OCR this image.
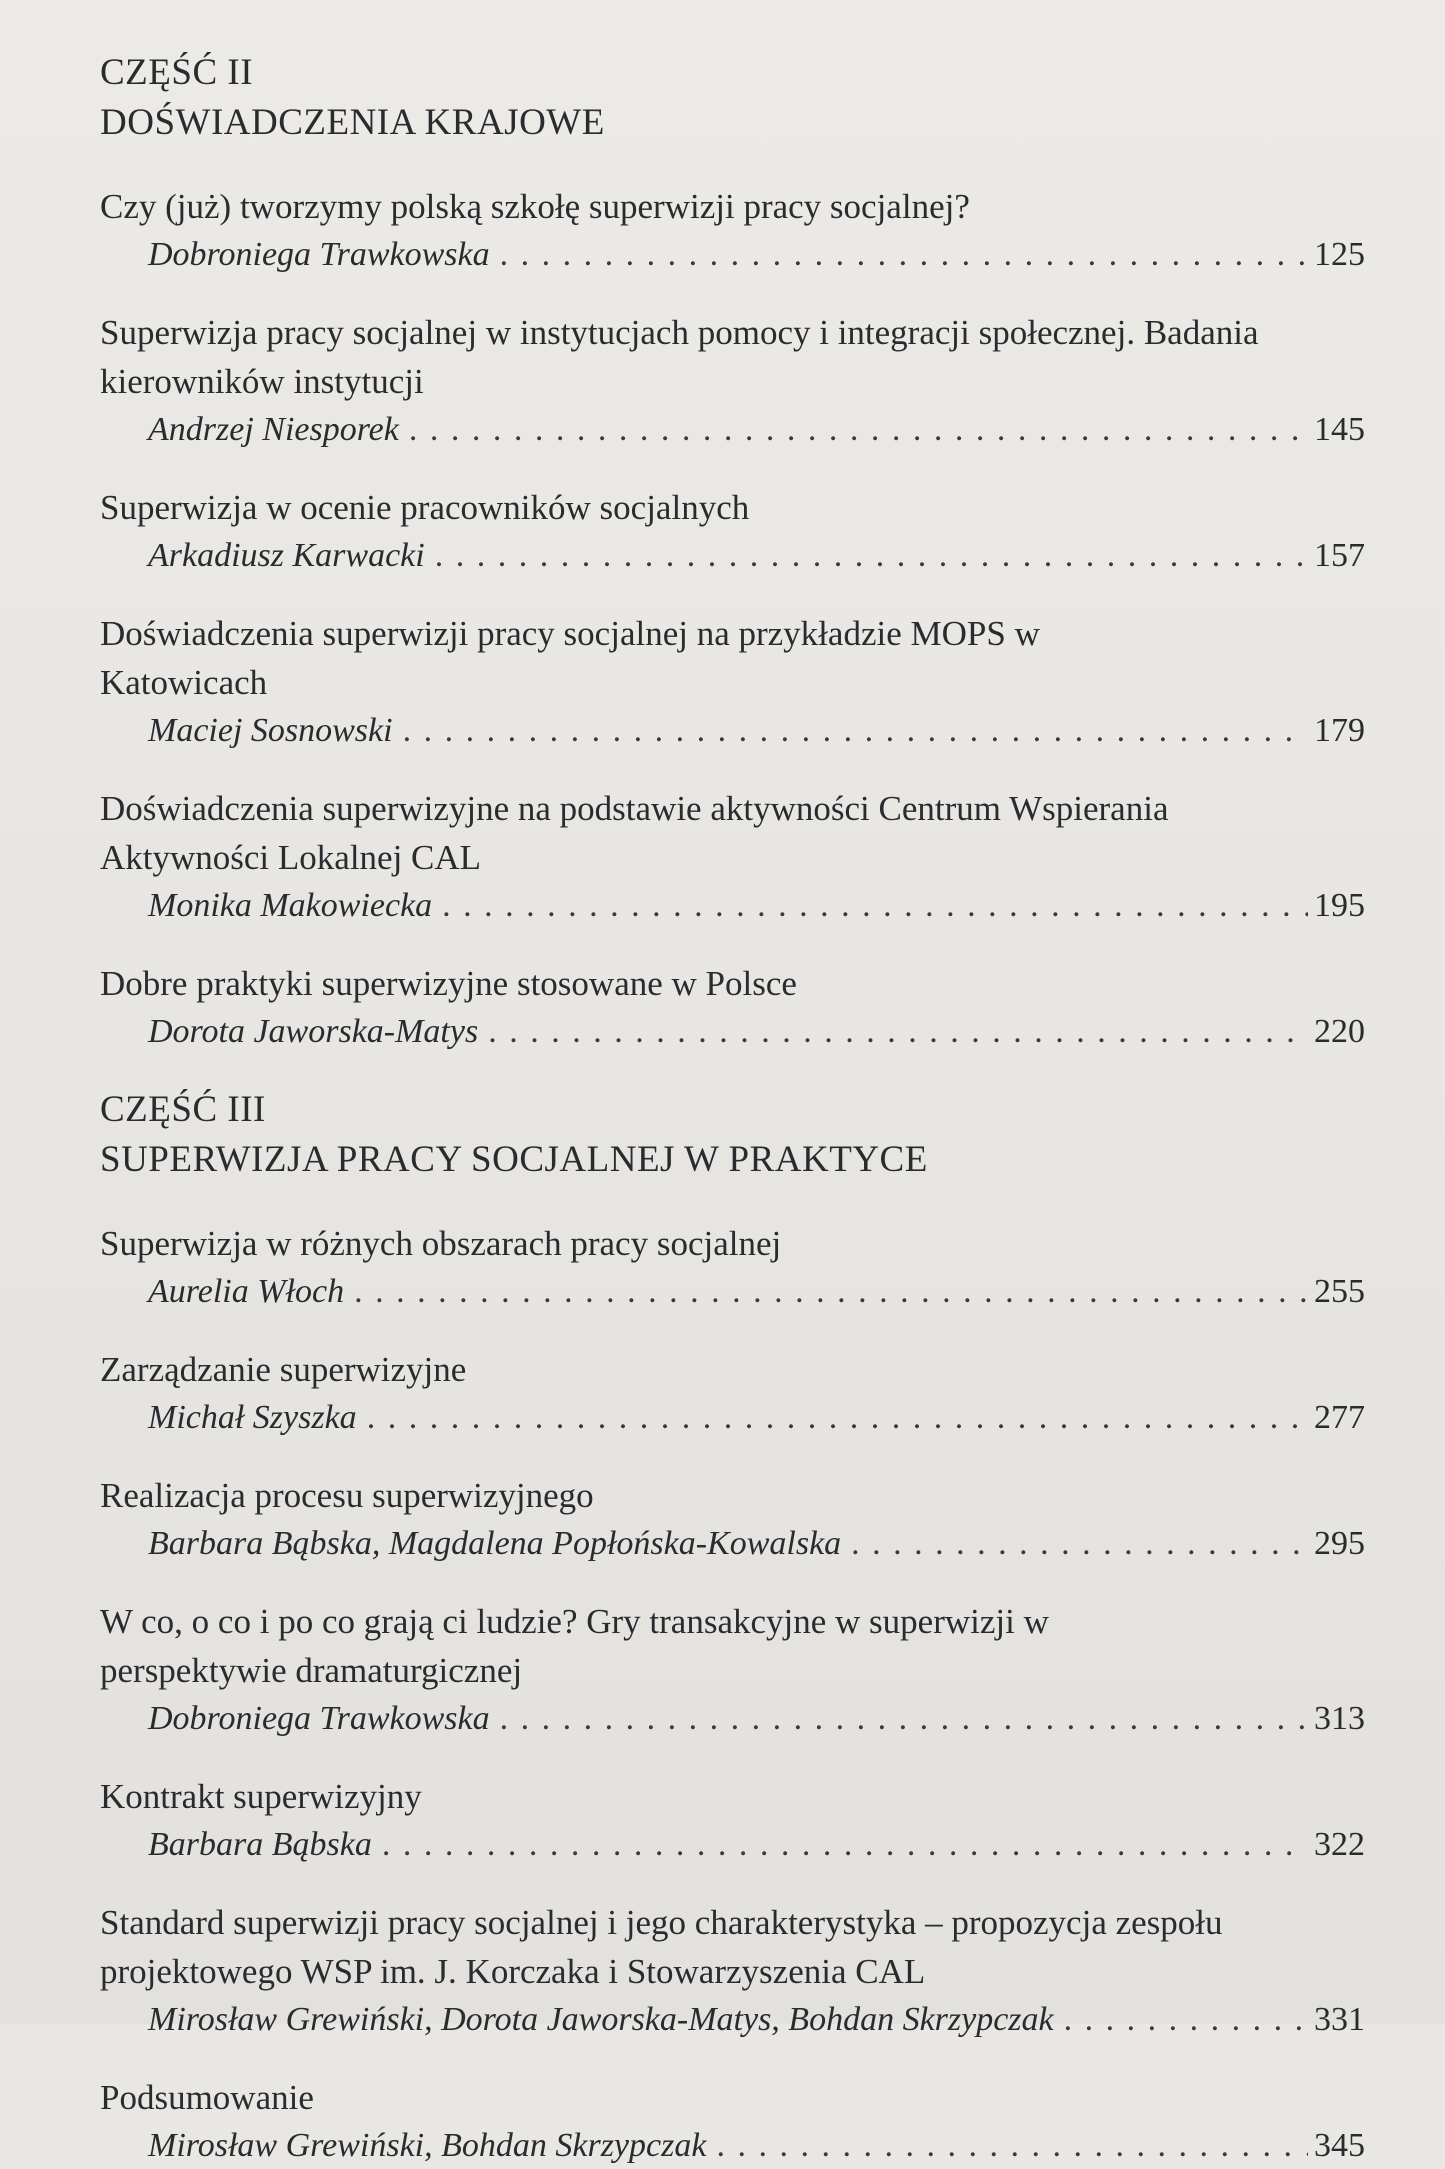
CZĘŚĆ II
DOŚWIADCZENIA KRAJOWE
Czy (już) tworzymy polską szkołę superwizji pracy socjalnej?
Dobroniega Trawkowska . . .	125
Superwizja pracy socjalnej w instytucjach pomocy i integracji społecznej. Badania kierowników instytucji
Andrzej Niesporek . . .	145
Superwizja w ocenie pracowników socjalnych
Arkadiusz Karwacki . . .	157
Doświadczenia superwizji pracy socjalnej na przykładzie MOPS w Katowicach
Maciej Sosnowski . . .	179
Doświadczenia superwizyjne na podstawie aktywności Centrum Wspierania Aktywności Lokalnej CAL
Monika Makowiecka . . .	195
Dobre praktyki superwizyjne stosowane w Polsce
Dorota Jaworska-Matys . . .	220
CZĘŚĆ III
SUPERWIZJA PRACY SOCJALNEJ W PRAKTYCE
Superwizja w różnych obszarach pracy socjalnej
Aurelia Włoch . . .	255
Zarządzanie superwizyjne
Michał Szyszka . . .	277
Realizacja procesu superwizyjnego
Barbara Bąbska, Magdalena Popłońska-Kowalska . . .	295
W co, o co i po co grają ci ludzie? Gry transakcyjne w superwizji w perspektywie dramaturgicznej
Dobroniega Trawkowska . . .	313
Kontrakt superwizyjny
Barbara Bąbska . . .	322
Standard superwizji pracy socjalnej i jego charakterystyka – propozycja zespołu projektowego WSP im. J. Korczaka i Stowarzyszenia CAL
Mirosław Grewiński, Dorota Jaworska-Matys, Bohdan Skrzypczak . . .	331
Podsumowanie
Mirosław Grewiński, Bohdan Skrzypczak . . .	345
